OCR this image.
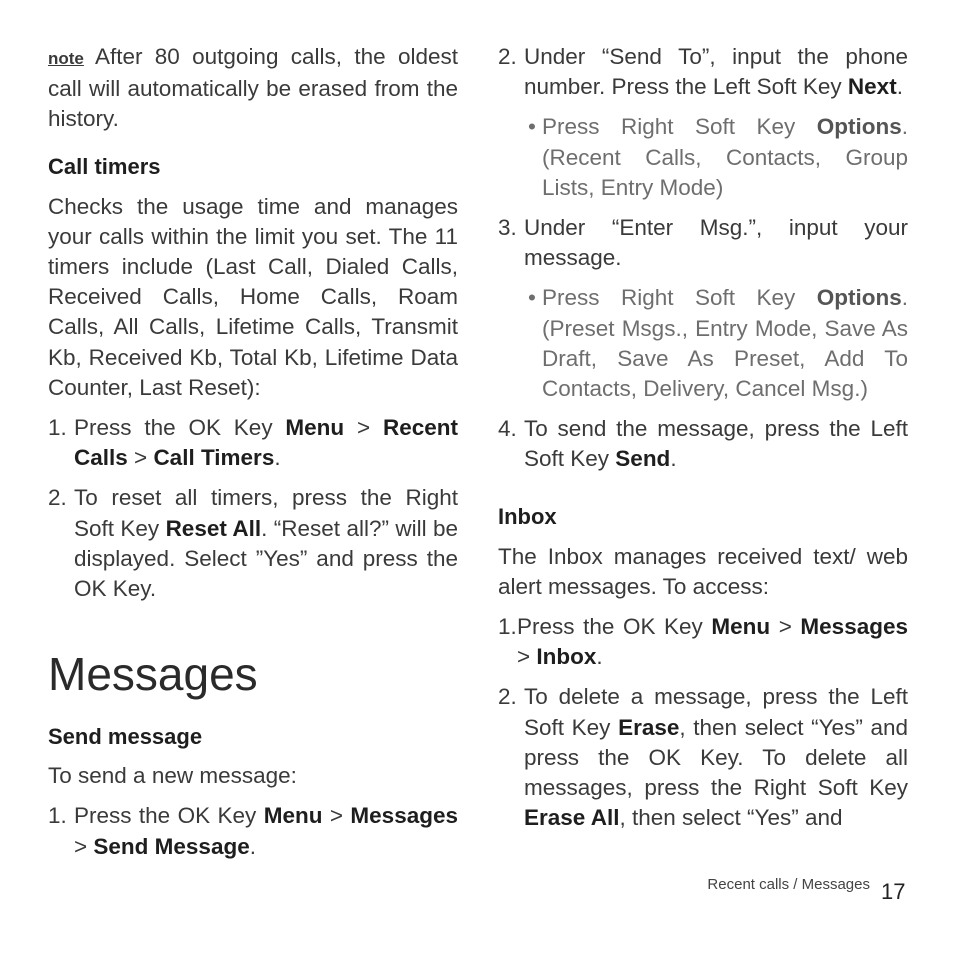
note After 80 outgoing calls, the oldest call will automatically be erased from the history.

Call timers

Checks the usage time and manages your calls within the limit you set. The 11 timers include (Last Call, Dialed Calls, Received Calls, Home Calls, Roam Calls, All Calls, Lifetime Calls, Transmit Kb, Received Kb, Total Kb, Lifetime Data Counter, Last Reset):

1. Press the OK Key Menu > Recent Calls > Call Timers.
2. To reset all timers, press the Right Soft Key Reset All. “Reset all?” will be displayed. Select ”Yes” and press the OK Key.
Messages
Send message

To send a new message:

1. Press the OK Key Menu > Messages > Send Message.
2. Under “Send To”, input the phone number. Press the Left Soft Key Next.
• Press Right Soft Key Options. (Recent Calls, Contacts, Group Lists, Entry Mode)
3. Under “Enter Msg.”, input your message.
• Press Right Soft Key Options. (Preset Msgs., Entry Mode, Save As Draft, Save As Preset, Add To Contacts, Delivery, Cancel Msg.)
4. To send the message, press the Left Soft Key Send.
Inbox

The Inbox manages received text/ web alert messages. To access:

1. Press the OK Key Menu > Messages > Inbox.
2. To delete a message, press the Left Soft Key Erase, then select “Yes” and press the OK Key. To delete all messages, press the Right Soft Key Erase All, then select “Yes” and
Recent calls / Messages 17
